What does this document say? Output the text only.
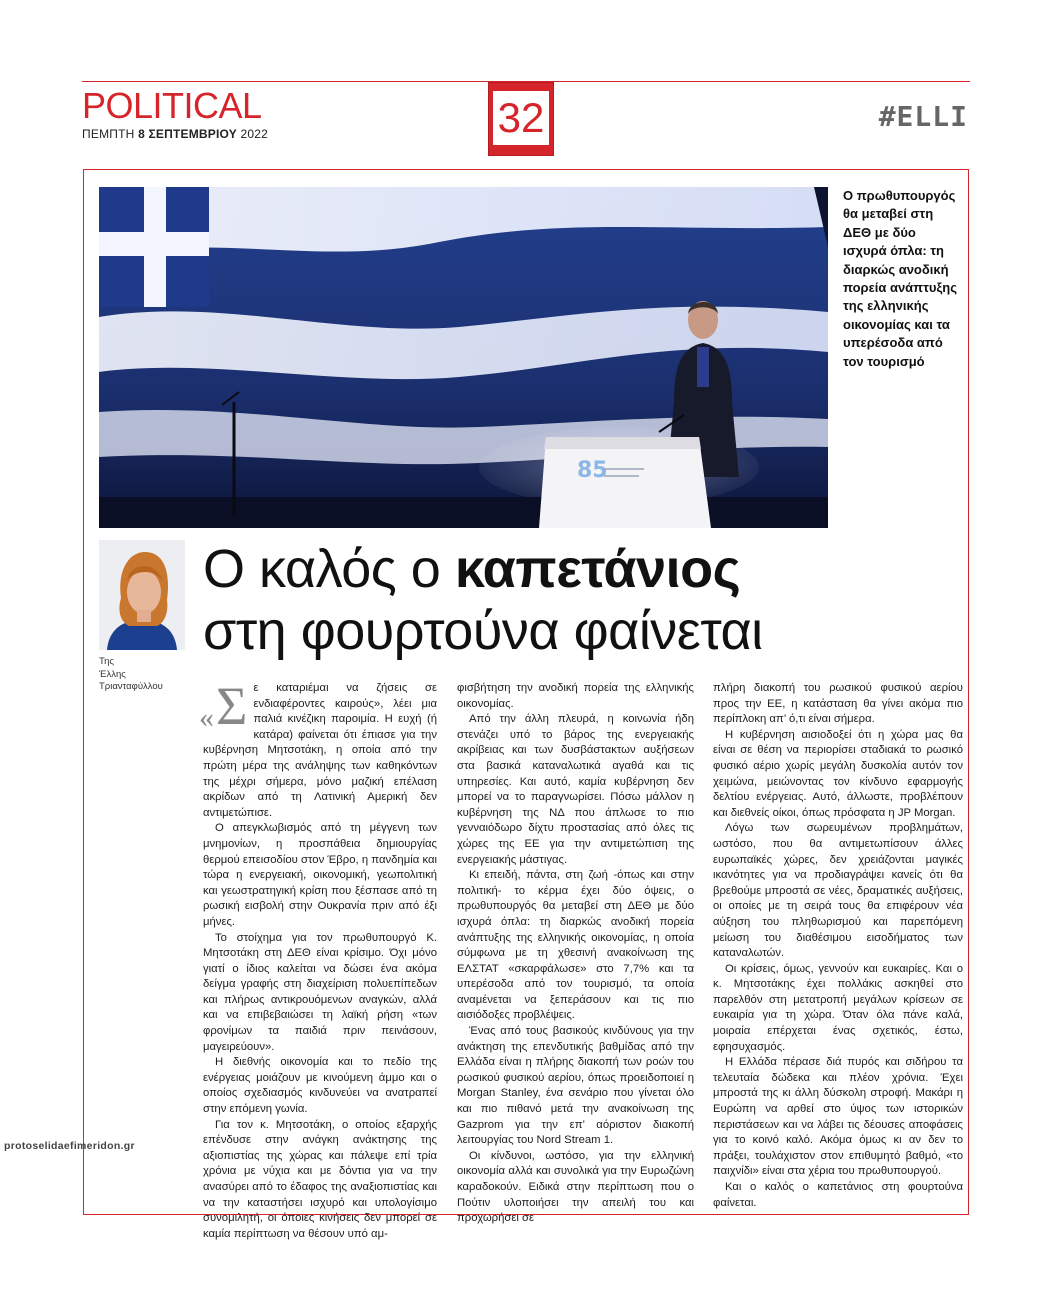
POLITICAL
ΠΕΜΠΤΗ 8 ΣΕΠΤΕΜΒΡΙΟΥ 2022	32	#ELLI
85
Ο πρωθυπουργός θα μεταβεί στη ΔΕΘ με δύο ισχυρά όπλα: τη διαρκώς ανοδική πορεία ανάπτυξης της ελληνικής οικονομίας και τα υπερέσοδα από τον τουρισμό
Της
Έλλης
Τριανταφύλλου
Ο καλός ο καπετάνιος
στη φουρτούνα φαίνεται

«Σ ε καταριέμαι να ζήσεις σε ενδιαφέροντες καιρούς», λέει μια παλιά κινέζικη παροιμία. Η ευχή (ή κατάρα) φαίνεται ότι έπιασε για την κυβέρνηση Μητσοτάκη, η οποία από την πρώτη μέρα της ανάληψης των καθηκόντων της μέχρι σήμερα, μόνο μαζική επέλαση ακρίδων από τη Λατινική Αμερική δεν αντιμετώπισε.

Ο απεγκλωβισμός από τη μέγγενη των μνημονίων, η προσπάθεια δημιουργίας θερμού επεισοδίου στον Έβρο, η πανδημία και τώρα η ενεργειακή, οικονομική, γεωπολιτική και γεωστρατηγική κρίση που ξέσπασε από τη ρωσική εισβολή στην Ουκρανία πριν από έξι μήνες.

Το στοίχημα για τον πρωθυπουργό Κ. Μητσοτάκη στη ΔΕΘ είναι κρίσιμο. Όχι μόνο γιατί ο ίδιος καλείται να δώσει ένα ακόμα δείγμα γραφής στη διαχείριση πολυεπίπεδων και πλήρως αντικρουόμενων αναγκών, αλλά και να επιβεβαιώσει τη λαϊκή ρήση «των φρονίμων τα παιδιά πριν πεινάσουν, μαγειρεύουν».

Η διεθνής οικονομία και το πεδίο της ενέργειας μοιάζουν με κινούμενη άμμο και ο οποίος σχεδιασμός κινδυνεύει να ανατραπεί στην επόμενη γωνία.

Για τον κ. Μητσοτάκη, ο οποίος εξαρχής επένδυσε στην ανάγκη ανάκτησης της αξιοπιστίας της χώρας και πάλεψε επί τρία χρόνια με νύχια και με δόντια για να την ανασύρει από το έδαφος της αναξιοπιστίας και να την καταστήσει ισχυρό και υπολογίσιμο συνομιλητή, οι όποιες κινήσεις δεν μπορεί σε καμία περίπτωση να θέσουν υπό αμ-

φισβήτηση την ανοδική πορεία της ελληνικής οικονομίας.

Από την άλλη πλευρά, η κοινωνία ήδη στενάζει υπό το βάρος της ενεργειακής ακρίβειας και των δυσβάστακτων αυξήσεων στα βασικά καταναλωτικά αγαθά και τις υπηρεσίες. Και αυτό, καμία κυβέρνηση δεν μπορεί να το παραγνωρίσει. Πόσω μάλλον η κυβέρνηση της ΝΔ που άπλωσε το πιο γενναιόδωρο δίχτυ προστασίας από όλες τις χώρες της ΕΕ για την αντιμετώπιση της ενεργειακής μάστιγας.

Κι επειδή, πάντα, στη ζωή -όπως και στην πολιτική- το κέρμα έχει δύο όψεις, ο πρωθυπουργός θα μεταβεί στη ΔΕΘ με δύο ισχυρά όπλα: τη διαρκώς ανοδική πορεία ανάπτυξης της ελληνικής οικονομίας, η οποία σύμφωνα με τη χθεσινή ανακοίνωση της ΕΛΣΤΑΤ «σκαρφάλωσε» στο 7,7% και τα υπερέσοδα από τον τουρισμό, τα οποία αναμένεται να ξεπεράσουν και τις πιο αισιόδοξες προβλέψεις.

Ένας από τους βασικούς κινδύνους για την ανάκτηση της επενδυτικής βαθμίδας από την Ελλάδα είναι η πλήρης διακοπή των ροών του ρωσικού φυσικού αερίου, όπως προειδοποιεί η Morgan Stanley, ένα σενάριο που γίνεται όλο και πιο πιθανό μετά την ανακοίνωση της Gazprom για την επ’ αόριστον διακοπή λειτουργίας του Nord Stream 1.

Οι κίνδυνοι, ωστόσο, για την ελληνική οικονομία αλλά και συνολικά για την Ευρωζώνη καραδοκούν. Ειδικά στην περίπτωση που ο Πούτιν υλοποιήσει την απειλή του και προχωρήσει σε

πλήρη διακοπή του ρωσικού φυσικού αερίου προς την ΕΕ, η κατάσταση θα γίνει ακόμα πιο περίπλοκη απ’ ό,τι είναι σήμερα.

Η κυβέρνηση αισιοδοξεί ότι η χώρα μας θα είναι σε θέση να περιορίσει σταδιακά το ρωσικό φυσικό αέριο χωρίς μεγάλη δυσκολία αυτόν τον χειμώνα, μειώνοντας τον κίνδυνο εφαρμογής δελτίου ενέργειας. Αυτό, άλλωστε, προβλέπουν και διεθνείς οίκοι, όπως πρόσφατα η JP Morgan.

Λόγω των σωρευμένων προβλημάτων, ωστόσο, που θα αντιμετωπίσουν άλλες ευρωπαϊκές χώρες, δεν χρειάζονται μαγικές ικανότητες για να προδιαγράψει κανείς ότι θα βρεθούμε μπροστά σε νέες, δραματικές αυξήσεις, οι οποίες με τη σειρά τους θα επιφέρουν νέα αύξηση του πληθωρισμού και παρεπόμενη μείωση του διαθέσιμου εισοδήματος των καταναλωτών.

Οι κρίσεις, όμως, γεννούν και ευκαιρίες. Και ο κ. Μητσοτάκης έχει πολλάκις ασκηθεί στο παρελθόν στη μετατροπή μεγάλων κρίσεων σε ευκαιρία για τη χώρα. Όταν όλα πάνε καλά, μοιραία επέρχεται ένας σχετικός, έστω, εφησυχασμός.

Η Ελλάδα πέρασε διά πυρός και σιδήρου τα τελευταία δώδεκα και πλέον χρόνια. Έχει μπροστά της κι άλλη δύσκολη στροφή. Μακάρι η Ευρώπη να αρθεί στο ύψος των ιστορικών περιστάσεων και να λάβει τις δέουσες αποφάσεις για το κοινό καλό. Ακόμα όμως κι αν δεν το πράξει, τουλάχιστον στον επιθυμητό βαθμό, «το παιχνίδι» είναι στα χέρια του πρωθυπουργού.

Και ο καλός ο καπετάνιος στη φουρτούνα φαίνεται.

protoselidaefimeridon.gr
